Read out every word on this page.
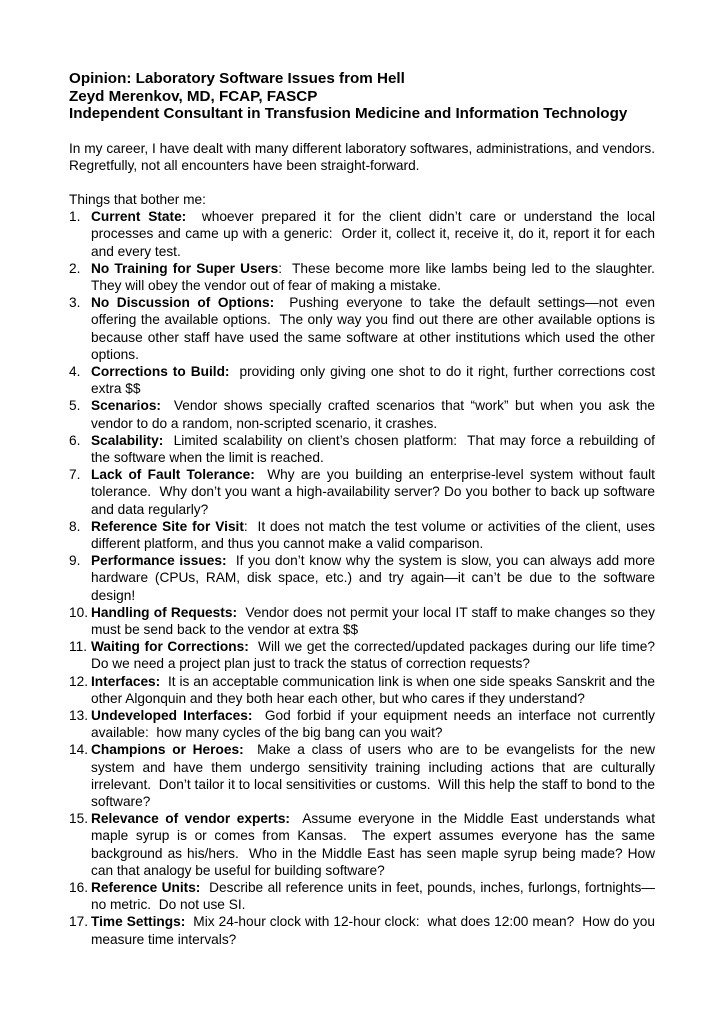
Opinion: Laboratory Software Issues from Hell

Zeyd Merenkov, MD, FCAP, FASCP

Independent Consultant in Transfusion Medicine and Information Technology

In my career, I have dealt with many different laboratory softwares, administrations, and vendors. Regretfully, not all encounters have been straight-forward.

Things that bother me:

1. Current State:  whoever prepared it for the client didn’t care or understand the local processes and came up with a generic:  Order it, collect it, receive it, do it, report it for each and every test.
2. No Training for Super Users:  These become more like lambs being led to the slaughter.  They will obey the vendor out of fear of making a mistake.
3. No Discussion of Options:  Pushing everyone to take the default settings—not even offering the available options.  The only way you find out there are other available options is because other staff have used the same software at other institutions which used the other options.
4. Corrections to Build:  providing only giving one shot to do it right, further corrections cost extra $$
5. Scenarios:  Vendor shows specially crafted scenarios that “work” but when you ask the vendor to do a random, non-scripted scenario, it crashes.
6. Scalability:  Limited scalability on client’s chosen platform:  That may force a rebuilding of the software when the limit is reached.
7. Lack of Fault Tolerance:  Why are you building an enterprise-level system without fault tolerance.  Why don’t you want a high-availability server? Do you bother to back up software and data regularly?
8. Reference Site for Visit:  It does not match the test volume or activities of the client, uses different platform, and thus you cannot make a valid comparison.
9. Performance issues:  If you don’t know why the system is slow, you can always add more hardware (CPUs, RAM, disk space, etc.) and try again—it can’t be due to the software design!
10. Handling of Requests:  Vendor does not permit your local IT staff to make changes so they must be send back to the vendor at extra $$
11. Waiting for Corrections:  Will we get the corrected/updated packages during our life time?  Do we need a project plan just to track the status of correction requests?
12. Interfaces:  It is an acceptable communication link is when one side speaks Sanskrit and the other Algonquin and they both hear each other, but who cares if they understand?
13. Undeveloped Interfaces:  God forbid if your equipment needs an interface not currently available:  how many cycles of the big bang can you wait?
14. Champions or Heroes:  Make a class of users who are to be evangelists for the new system and have them undergo sensitivity training including actions that are culturally irrelevant.  Don’t tailor it to local sensitivities or customs.  Will this help the staff to bond to the software?
15. Relevance of vendor experts:  Assume everyone in the Middle East understands what maple syrup is or comes from Kansas.  The expert assumes everyone has the same background as his/hers.  Who in the Middle East has seen maple syrup being made? How can that analogy be useful for building software?
16. Reference Units:  Describe all reference units in feet, pounds, inches, furlongs, fortnights—no metric.  Do not use SI.
17. Time Settings:  Mix 24-hour clock with 12-hour clock:  what does 12:00 mean?  How do you measure time intervals?
